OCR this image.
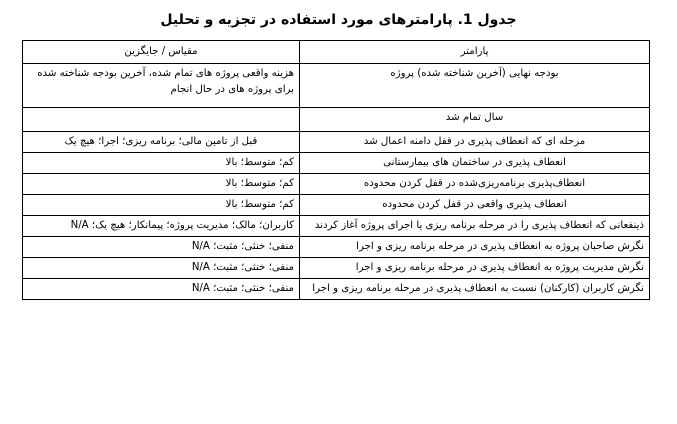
جدول 1. پارامترهای مورد استفاده در تجزیه و تحلیل
پارامتر	مقیاس / جایگزین
بودجه نهایی (آخرین شناخته شده) پروژه	هزینه واقعی پروژه های تمام شده، آخرین بودجه شناخته شده برای پروژه های در حال انجام
سال تمام شد	
مرحله ای که انعطاف پذیری در قفل دامنه اعمال شد	قبل از تامین مالی؛ برنامه ریزی؛ اجرا؛ هیچ یک
انعطاف پذیری در ساختمان های بیمارستانی	کم؛ متوسط؛ بالا
انعطاف‌پذیری برنامه‌ریزی‌شده در قفل کردن محدوده	کم؛ متوسط؛ بالا
انعطاف پذیری واقعی در قفل کردن محدوده	کم؛ متوسط؛ بالا
ذینفعانی که انعطاف پذیری را در مرحله برنامه ریزی یا اجرای پروژه آغاز کردند	کاربران؛ مالک؛ مدیریت پروژه؛ پیمانکار؛ هیچ یک؛ N/A
نگرش صاحبان پروژه به انعطاف پذیری در مرحله برنامه ریزی و اجرا	منفی؛ خنثی؛ مثبت؛ N/A
نگرش مدیریت پروژه به انعطاف پذیری در مرحله برنامه ریزی و اجرا	منفی؛ خنثی؛ مثبت؛ N/A
نگرش کاربران (کارکنان) نسبت به انعطاف پذیری در مرحله برنامه ریزی و اجرا	منفی؛ خنثی؛ مثبت؛ N/A
